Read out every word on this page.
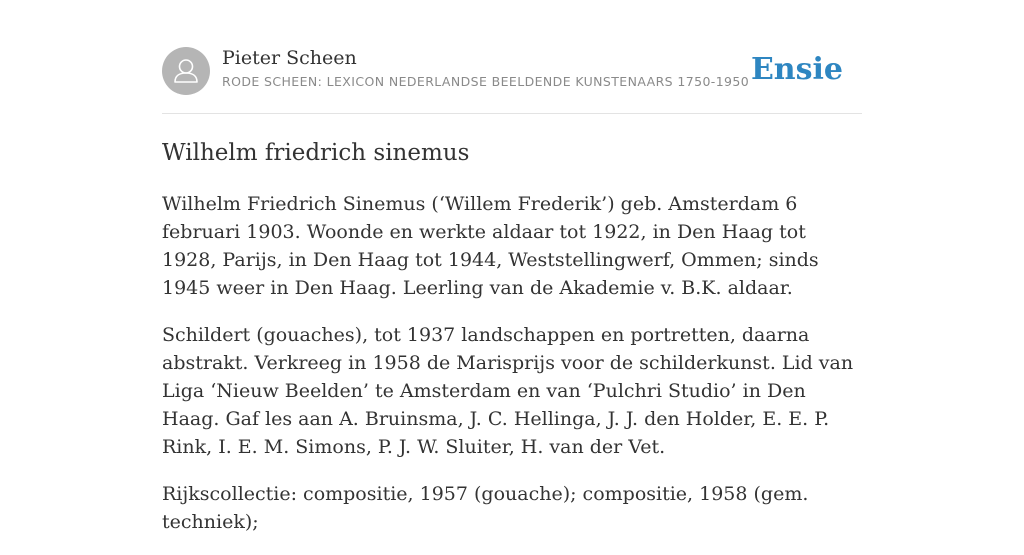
Pieter Scheen
RODE SCHEEN: LEXICON NEDERLANDSE BEELDENDE KUNSTENAARS 1750-1950 Ensie
Wilhelm friedrich sinemus

Wilhelm Friedrich Sinemus (‘Willem Frederik’) geb. Amsterdam 6 februari 1903. Woonde en werkte aldaar tot 1922, in Den Haag tot 1928, Parijs, in Den Haag tot 1944, Weststellingwerf, Ommen; sinds 1945 weer in Den Haag. Leerling van de Akademie v. B.K. aldaar.

Schildert (gouaches), tot 1937 landschappen en portretten, daarna abstrakt. Verkreeg in 1958 de Marisprijs voor de schilderkunst. Lid van Liga ‘Nieuw Beelden’ te Amsterdam en van ‘Pulchri Studio’ in Den Haag. Gaf les aan A. Bruinsma, J. C. Hellinga, J. J. den Holder, E. E. P. Rink, I. E. M. Simons, P. J. W. Sluiter, H. van der Vet.

Rijkscollectie: compositie, 1957 (gouache); compositie, 1958 (gem. techniek);
